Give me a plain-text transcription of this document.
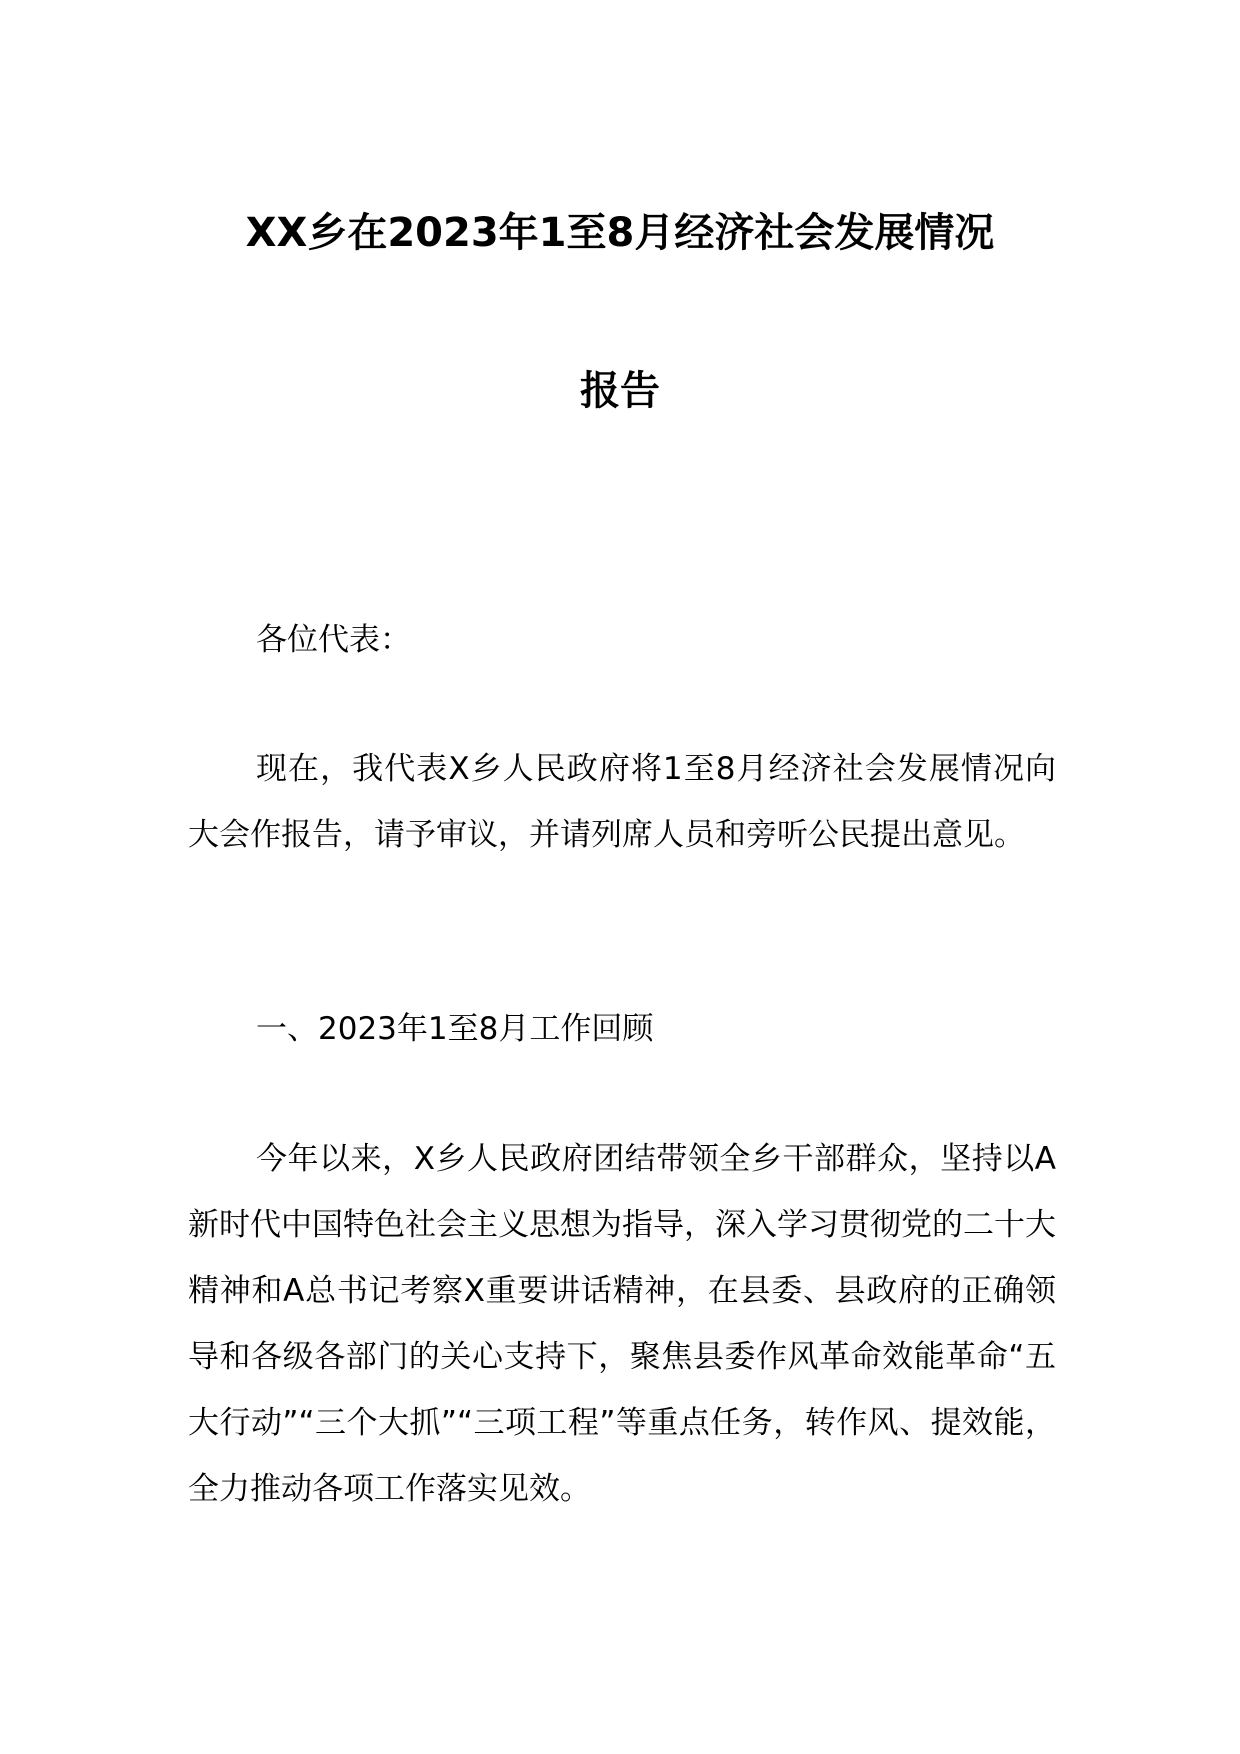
XX乡在2023年1至8月经济社会发展情况
报告
各位代表：
现在，我代表X乡人民政府将1至8月经济社会发展情况向大会作报告，请予审议，并请列席人员和旁听公民提出意见。
一、2023年1至8月工作回顾
今年以来，X乡人民政府团结带领全乡干部群众，坚持以A新时代中国特色社会主义思想为指导，深入学习贯彻党的二十大精神和A总书记考察X重要讲话精神，在县委、县政府的正确领导和各级各部门的关心支持下，聚焦县委作风革命效能革命“五大行动”“三个大抓”“三项工程”等重点任务，转作风、提效能，全力推动各项工作落实见效。
